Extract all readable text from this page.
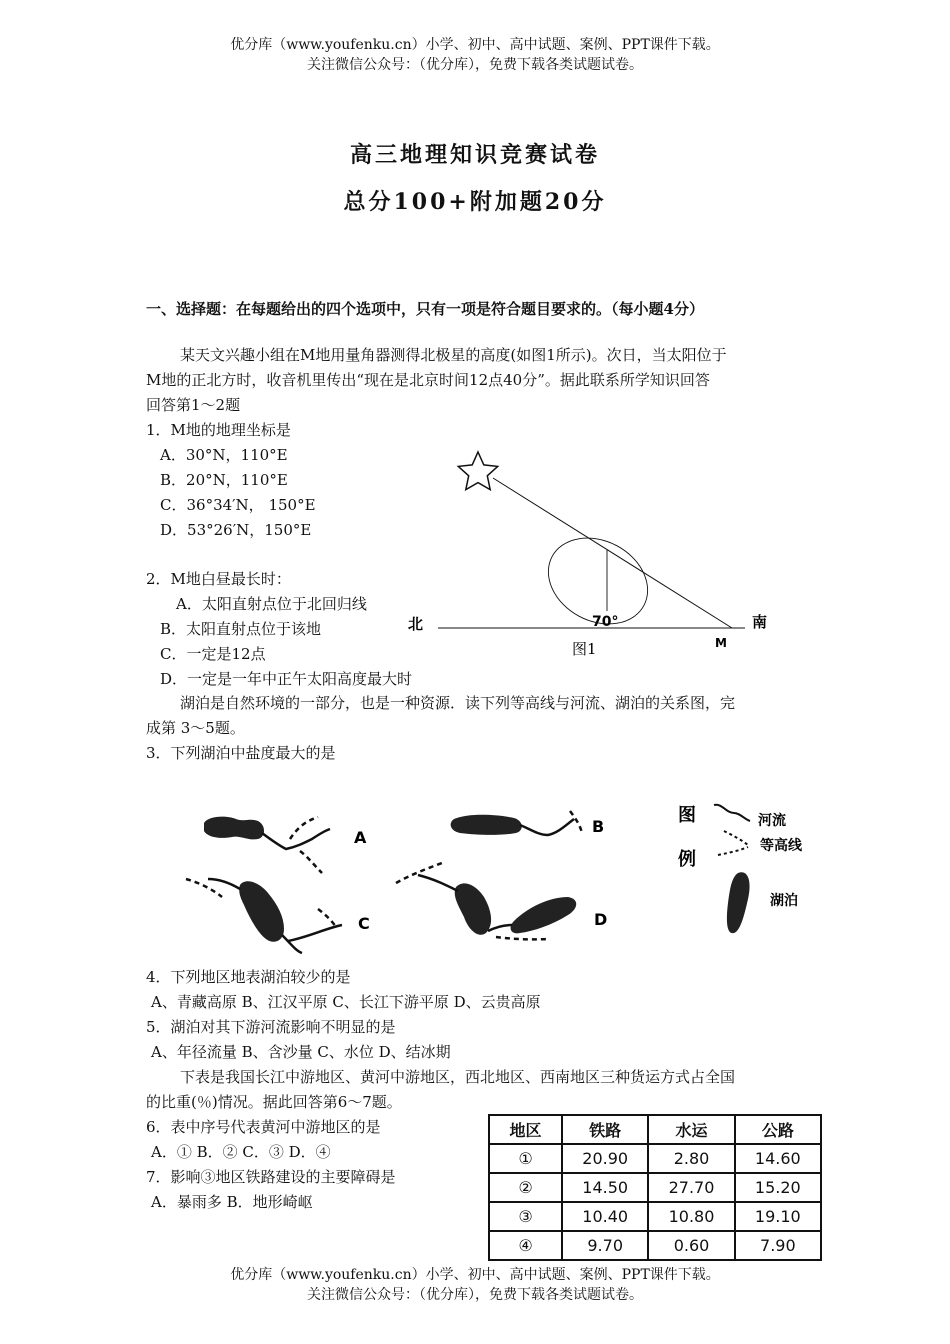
优分库（www.youfenku.cn）小学、初中、高中试题、案例、PPT课件下载。
关注微信公众号：（优分库），免费下载各类试题试卷。
高三地理知识竞赛试卷
总分100+附加题20分
一、选择题：在每题给出的四个选项中，只有一项是符合题目要求的。（每小题4分）
某天文兴趣小组在M地用量角器测得北极星的高度(如图1所示)。次日，当太阳位于
M地的正北方时，收音机里传出“现在是北京时间12点40分”。据此联系所学知识回答
回答第1～2题
1．M地的地理坐标是
A．30°N，110°E
B．20°N，110°E
C．36°34′N， 150°E
D．53°26′N，150°E
2．M地白昼最长时：
A．太阳直射点位于北回归线
B．太阳直射点位于该地
C．一定是12点
D．一定是一年中正午太阳高度最大时
北	南
70°
M
图1
湖泊是自然环境的一部分，也是一种资源．读下列等高线与河流、湖泊的关系图，完
成第 3～5题。
3．下列湖泊中盐度最大的是
A
B
C	D
图
例
河流
等高线
湖泊
4．下列地区地表湖泊较少的是
A、青藏高原 B、江汉平原 C、长江下游平原 D、云贵高原
5．湖泊对其下游河流影响不明显的是
A、年径流量 B、含沙量 C、水位 D、结冰期
下表是我国长江中游地区、黄河中游地区，西北地区、西南地区三种货运方式占全国
的比重(％)情况。据此回答第6～7题。
6．表中序号代表黄河中游地区的是
A．① B．② C．③ D．④
7．影响③地区铁路建设的主要障碍是
A．暴雨多 B．地形崎岖
地区	铁路	水运	公路
①	20.90	2.80	14.60
②	14.50	27.70	15.20
③	10.40	10.80	19.10
④	9.70	0.60	7.90
优分库（www.youfenku.cn）小学、初中、高中试题、案例、PPT课件下载。
关注微信公众号：（优分库），免费下载各类试题试卷。
